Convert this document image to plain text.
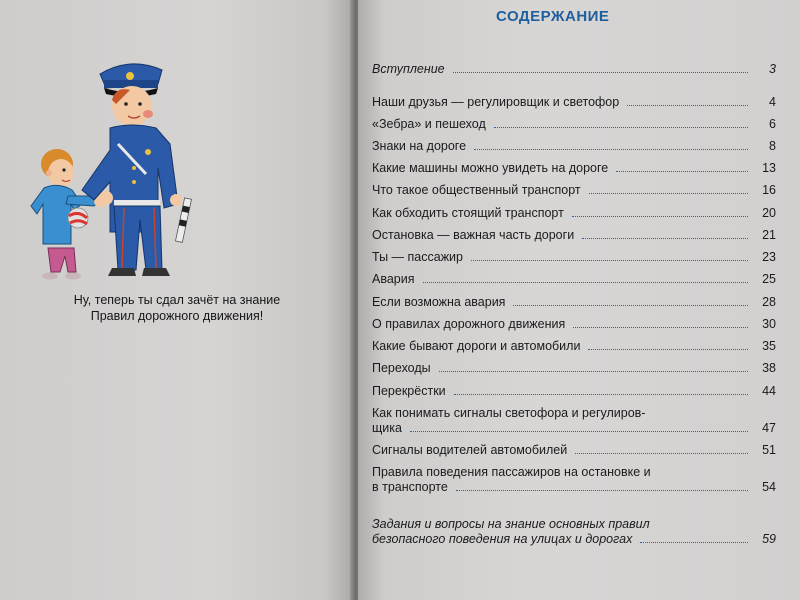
Ну, теперь ты сдал зачёт на знание
Правил дорожного движения!
СОДЕРЖАНИЕ
Вступление	3
Наши друзья — регулировщик и светофор	4
«Зебра» и пешеход	6
Знаки на дороге	8
Какие машины можно увидеть на дороге	13
Что такое общественный транспорт	16
Как обходить стоящий транспорт	20
Остановка — важная часть дороги	21
Ты — пассажир	23
Авария	25
Если возможна авария	28
О правилах дорожного движения	30
Какие бывают дороги и автомобили	35
Переходы	38
Перекрёстки	44
Как понимать сигналы светофора и регулиров-
щика	47
Сигналы водителей автомобилей	51
Правила поведения пассажиров на остановке и
в транспорте	54
Задания и вопросы на знание основных правил
безопасного поведения на улицах и дорогах	59
